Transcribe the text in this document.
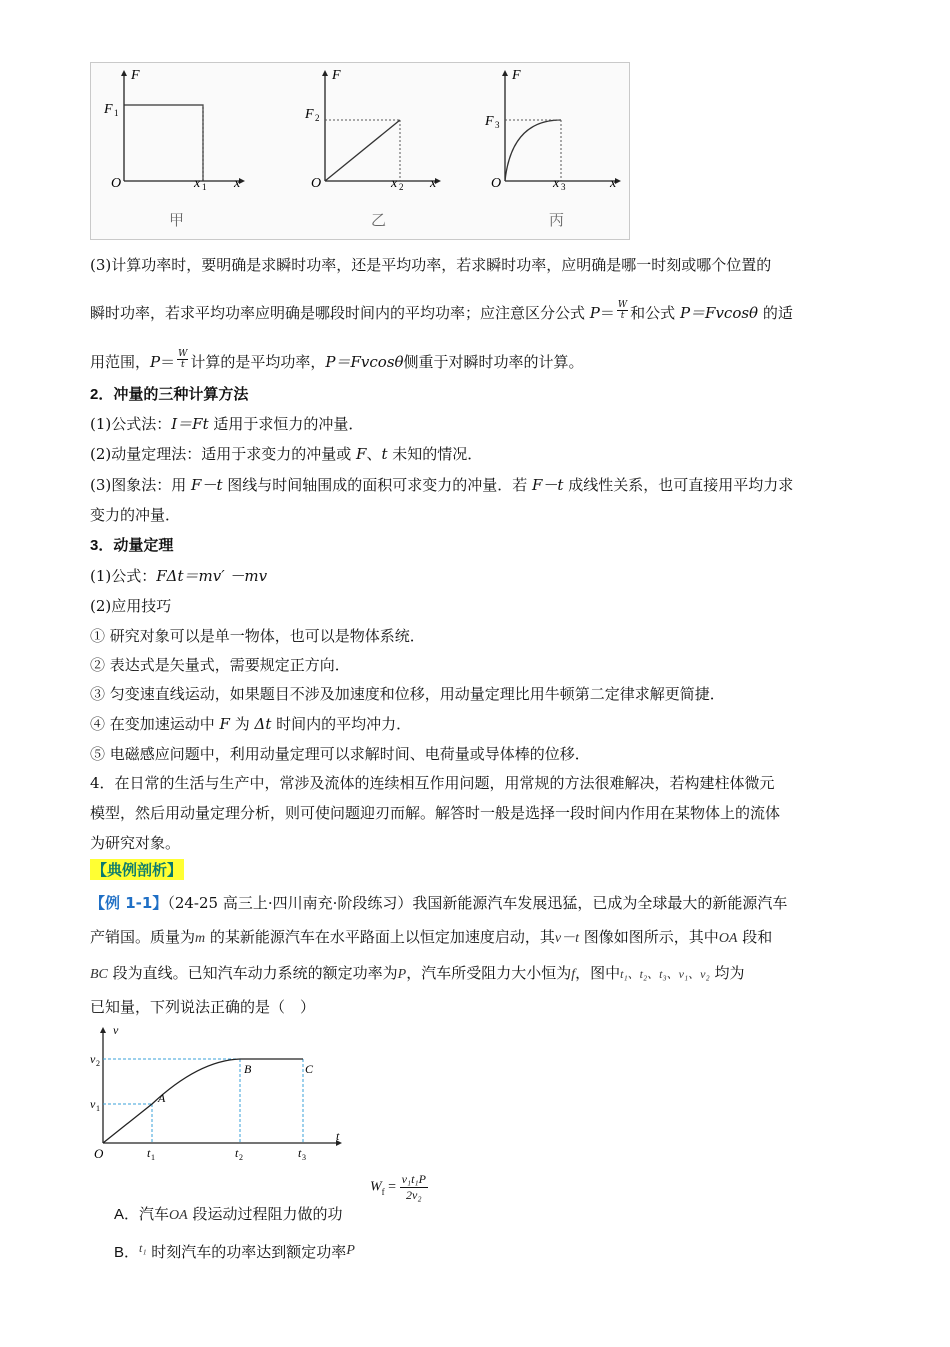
F
x
O
F 1
x 1
甲
F
x
O
F 2
x 2
乙
F
x
O
F 3
x 3
丙
(3)计算功率时，要明确是求瞬时功率，还是平均功率，若求瞬时功率，应明确是哪一时刻或哪个位置的
瞬时功率，若求平均功率应明确是哪段时间内的平均功率；应注意区分公式 $P= \frac{W}{t}$ 和公式 P＝Fvcosθ 的适
用范围，$P= \frac{W}{t}$ 计算的是平均功率，P＝Fvcosθ侧重于对瞬时功率的计算。
2．冲量的三种计算方法
(1)公式法：I＝Ft 适用于求恒力的冲量．
(2)动量定理法：适用于求变力的冲量或 F、t 未知的情况．
(3)图象法：用 F－t 图线与时间轴围成的面积可求变力的冲量．若 F－t 成线性关系，也可直接用平均力求
变力的冲量．
3．动量定理
(1)公式：FΔt＝mv′ －mv
(2)应用技巧
① 研究对象可以是单一物体，也可以是物体系统．
② 表达式是矢量式，需要规定正方向．
③ 匀变速直线运动，如果题目不涉及加速度和位移，用动量定理比用牛顿第二定律求解更简捷．
④ 在变加速运动中 F 为 Δt 时间内的平均冲力．
⑤ 电磁感应问题中，利用动量定理可以求解时间、电荷量或导体棒的位移．
4．在日常的生活与生产中，常涉及流体的连续相互作用问题，用常规的方法很难解决，若构建柱体微元
模型，然后用动量定理分析，则可使问题迎刃而解。解答时一般是选择一段时间内作用在某物体上的流体
为研究对象。
【典例剖析】
【例 1-1】（24-25 高三上·四川南充·阶段练习）我国新能源汽车发展迅猛，已成为全球最大的新能源汽车
产销国。质量为m 的某新能源汽车在水平路面上以恒定加速度启动，其v－t 图像如图所示，其中OA 段和
BC 段为直线。已知汽车动力系统的额定功率为P，汽车所受阻力大小恒为f，图中t₁、t₂、t₃、v₁、v₂ 均为
已知量，下列说法正确的是（　）
v
t
O
v 2
v 1
t 1	t 2	t 3
A
B	C
A．汽车OA 段运动过程阻力做的功
$W_f = \frac{\text{v₁t₁P}}{\text{2v₂}}$
B．$^{t_1}$ 时刻汽车的功率达到额定功率P
